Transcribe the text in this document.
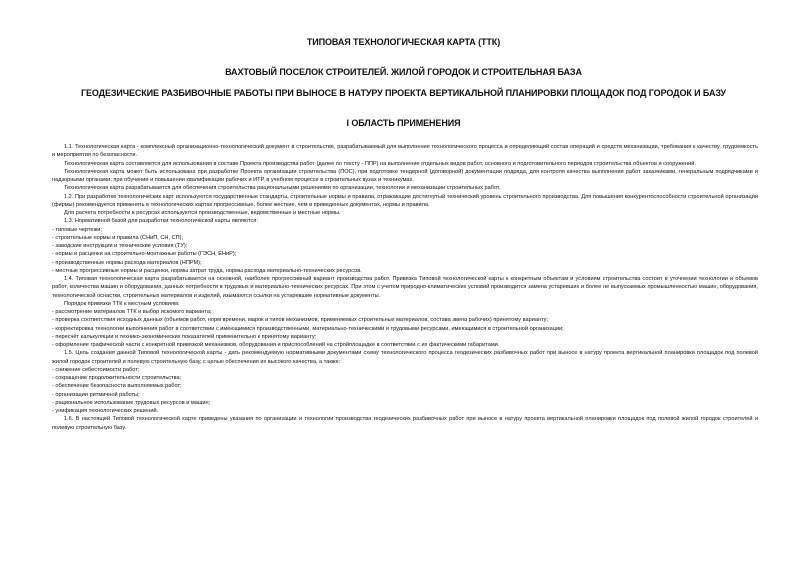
ТИПОВАЯ ТЕХНОЛОГИЧЕСКАЯ КАРТА (ТТК)
ВАХТОВЫЙ ПОСЕЛОК СТРОИТЕЛЕЙ. ЖИЛОЙ ГОРОДОК И СТРОИТЕЛЬНАЯ БАЗА
ГЕОДЕЗИЧЕСКИЕ РАЗБИВОЧНЫЕ РАБОТЫ ПРИ ВЫНОСЕ В НАТУРУ ПРОЕКТА ВЕРТИКАЛЬНОЙ ПЛАНИРОВКИ ПЛОЩАДОК ПОД ГОРОДОК И БАЗУ
I ОБЛАСТЬ ПРИМЕНЕНИЯ

1.1. Технологическая карта - комплексный организационно-технологический документ в строительстве, разрабатываемый для выполнения технологического процесса и определяющий состав операций и средств механизации, требования к качеству, трудоемкость и мероприятия по безопасности.

Технологическая карта составляется для использования в составе Проекта производства работ (далее по тексту - ППР) на выполнение отдельных видов работ, основного и подготовительного периодов строительства объектов и сооружений.

Технологическая карта может быть использована при разработке Проекта организации строительства (ПОС), при подготовке тендерной (договорной) документации подряда, для контроля качества выполнения работ заказчиками, генеральным подрядчиками и надзорными органами, при обучении и повышении квалификации рабочих и ИТР, в учебном процессе в строительных вузах и техникумах.

Технологическая карта разрабатывается для обеспечения строительства рациональными решениями по организации, технологии и механизации строительных работ.

1.2. При разработке технологических карт используются государственные стандарты, строительные нормы и правила, отражающие достигнутый технический уровень строительного производства. Для повышения конкурентоспособности строительной организации (фирмы) рекомендуется применять в технологических картах прогрессивные, более жесткие, чем в приведенных документах, нормы и правила.

Для расчета потребности в ресурсах используются производственные, ведомственные и местные нормы.

1.3. Нормативной базой для разработки технологической карты являются:

- типовые чертежи;

- строительные нормы и правила (СНиП, СН, СП);

- заводские инструкции и технические условия (ТУ);

- нормы и расценки на строительно-монтажные работы (ГЭСН, ЕНиР);

- производственные нормы расхода материалов (НПРМ);

- местные прогрессивные нормы и расценки, нормы затрат труда, нормы расхода материально-технических ресурсов.

1.4. Типовая технологическая карта разрабатывается на основной, наиболее прогрессивный вариант производства работ. Привязка Типовой технологической карты к конкретным объектам и условиям строительства состоит в уточнении технологии и объемов работ, количества машин и оборудования, данных потребности в трудовых и материально-технических ресурсах. При этом с учетом природно-климатических условий производится замена устаревших и более не выпускаемых промышленностью машин, оборудования, технологической оснастки, строительных материалов и изделий, изымаются ссылки на устаревшие нормативные документы.

Порядок привязки ТТК к местным условиям:

- рассмотрение материалов ТТК и выбор искомого варианта;

- проверка соответствия исходных данных (объемов работ, норм времени, марок и типов механизмов, применяемых строительных материалов, состава звена рабочих) принятому варианту;

- корректировка технологии выполнения работ в соответствии с имеющимися производственными, материально-техническими и трудовыми ресурсами, имеющимися в строительной организации;

- пересчёт калькуляции и технико-экономических показателей применительно к принятому варианту;

- оформление графической части с конкретной привязкой механизмов, оборудования и приспособлений на стройплощадке в соответствии с их фактическими габаритами.

1.5. Цель создания данной Типовой технологической карты - дать рекомендуемую нормативными документами схему технологического процесса геодезических разбивочных работ при выносе в натуру проекта вертикальной планировки площадок под полевой жилой городок строителей и полевую строительную базу, с целью обеспечения их высокого качества, а также:

- снижение себестоимости работ;

- сокращение продолжительности строительства;

- обеспечение безопасности выполняемых работ;

- организации ритмичной работы;

- рациональное использование трудовых ресурсов и машин;

- унификация технологических решений.

1.6. В настоящей Типовой технологической карте приведены указания по организации и технологии производства геодезических разбивочных работ при выносе в натуру проекта вертикальной планировки площадок под полевой жилой городок строителей и полевую строительную базу.
